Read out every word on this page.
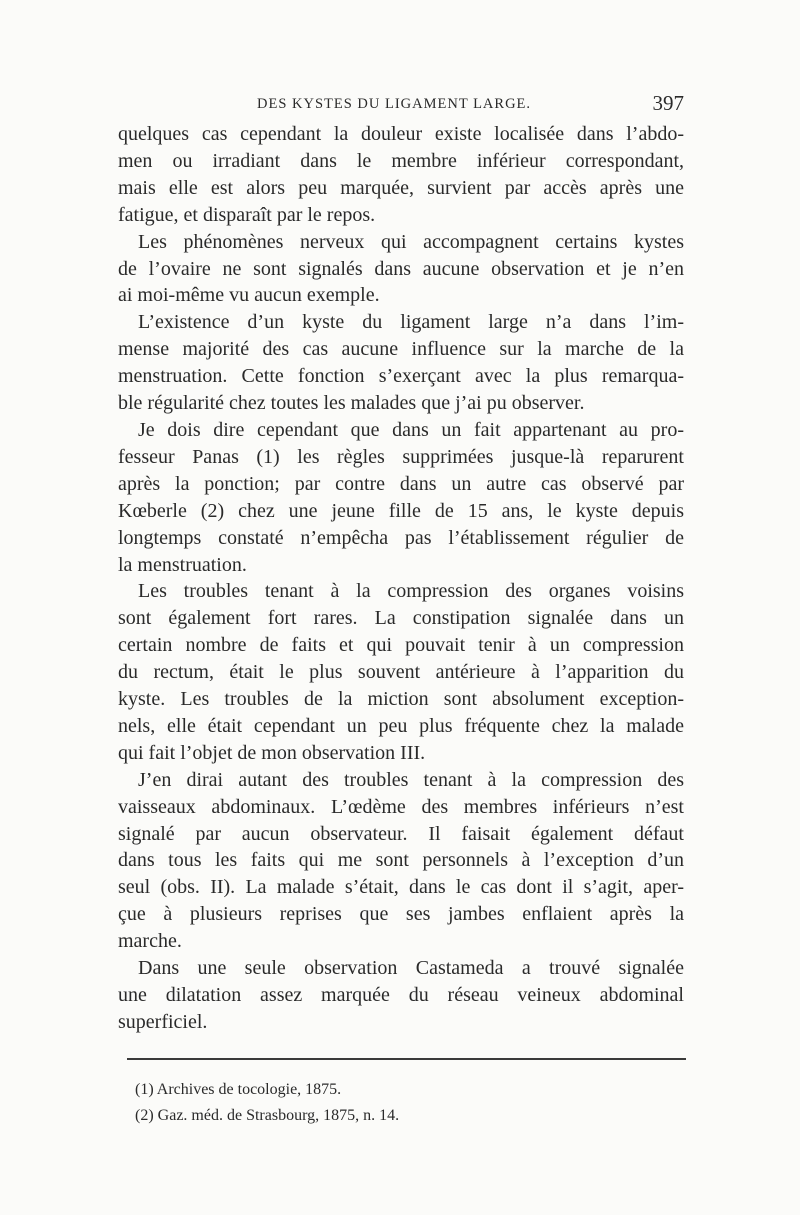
DES KYSTES DU LIGAMENT LARGE.	397

quelques cas cependant la douleur existe localisée dans l’abdo-
men ou irradiant dans le membre inférieur correspondant,
mais elle est alors peu marquée, survient par accès après une
fatigue, et disparaît par le repos.

Les phénomènes nerveux qui accompagnent certains kystes
de l’ovaire ne sont signalés dans aucune observation et je n’en
ai moi-même vu aucun exemple.

L’existence d’un kyste du ligament large n’a dans l’im-
mense majorité des cas aucune influence sur la marche de la
menstruation. Cette fonction s’exerçant avec la plus remarqua-
ble régularité chez toutes les malades que j’ai pu observer.

Je dois dire cependant que dans un fait appartenant au pro-
fesseur Panas (1) les règles supprimées jusque-là reparurent
après la ponction; par contre dans un autre cas observé par
Kœberle (2) chez une jeune fille de 15 ans, le kyste depuis
longtemps constaté n’empêcha pas l’établissement régulier de
la menstruation.

Les troubles tenant à la compression des organes voisins
sont également fort rares. La constipation signalée dans un
certain nombre de faits et qui pouvait tenir à un compression
du rectum, était le plus souvent antérieure à l’apparition du
kyste. Les troubles de la miction sont absolument exception-
nels, elle était cependant un peu plus fréquente chez la malade
qui fait l’objet de mon observation III.

J’en dirai autant des troubles tenant à la compression des
vaisseaux abdominaux. L’œdème des membres inférieurs n’est
signalé par aucun observateur. Il faisait également défaut
dans tous les faits qui me sont personnels à l’exception d’un
seul (obs. II). La malade s’était, dans le cas dont il s’agit, aper-
çue à plusieurs reprises que ses jambes enflaient après la
marche.

Dans une seule observation Castameda a trouvé signalée
une dilatation assez marquée du réseau veineux abdominal
superficiel.

(1) Archives de tocologie, 1875.

(2) Gaz. méd. de Strasbourg, 1875, n. 14.
